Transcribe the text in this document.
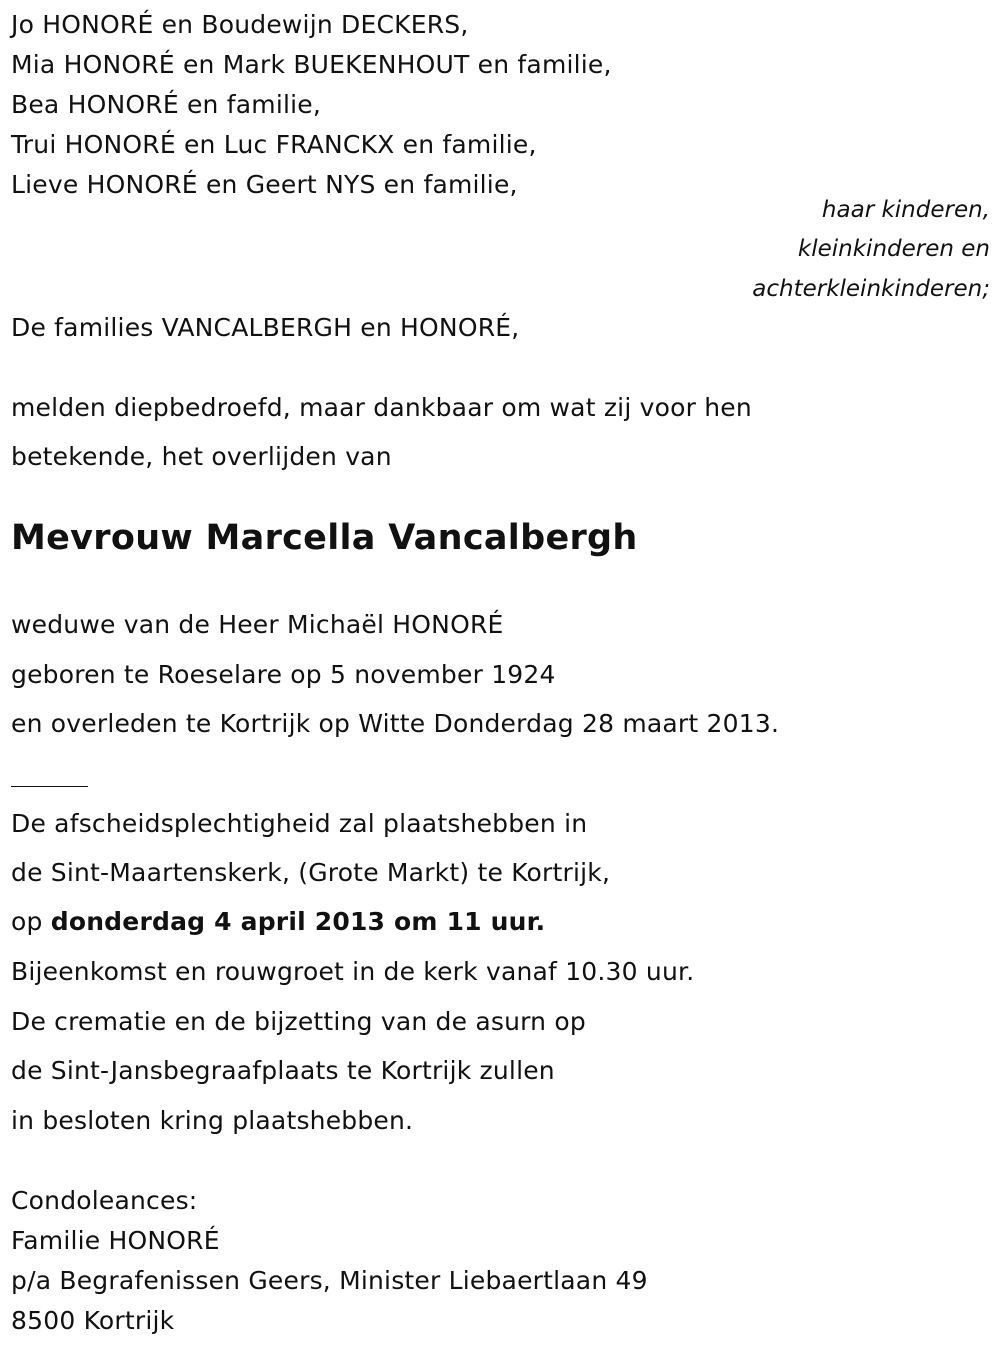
Jo HONORÉ en Boudewijn DECKERS,
Mia HONORÉ en Mark BUEKENHOUT en familie,
Bea HONORÉ en familie,
Trui HONORÉ en Luc FRANCKX en familie,
Lieve HONORÉ en Geert NYS en familie,
haar kinderen,
kleinkinderen en
achterkleinkinderen;
De families VANCALBERGH en HONORÉ,
melden diepbedroefd, maar dankbaar om wat zij voor hen
betekende, het overlijden van
Mevrouw Marcella Vancalbergh
weduwe van de Heer Michaël HONORÉ
geboren te Roeselare op 5 november 1924
en overleden te Kortrijk op Witte Donderdag 28 maart 2013.
De afscheidsplechtigheid zal plaatshebben in
de Sint-Maartenskerk, (Grote Markt) te Kortrijk,
op donderdag 4 april 2013 om 11 uur.
Bijeenkomst en rouwgroet in de kerk vanaf 10.30 uur.
De crematie en de bijzetting van de asurn op
de Sint-Jansbegraafplaats te Kortrijk zullen
in besloten kring plaatshebben.
Condoleances:
Familie HONORÉ
p/a Begrafenissen Geers, Minister Liebaertlaan 49
8500 Kortrijk
